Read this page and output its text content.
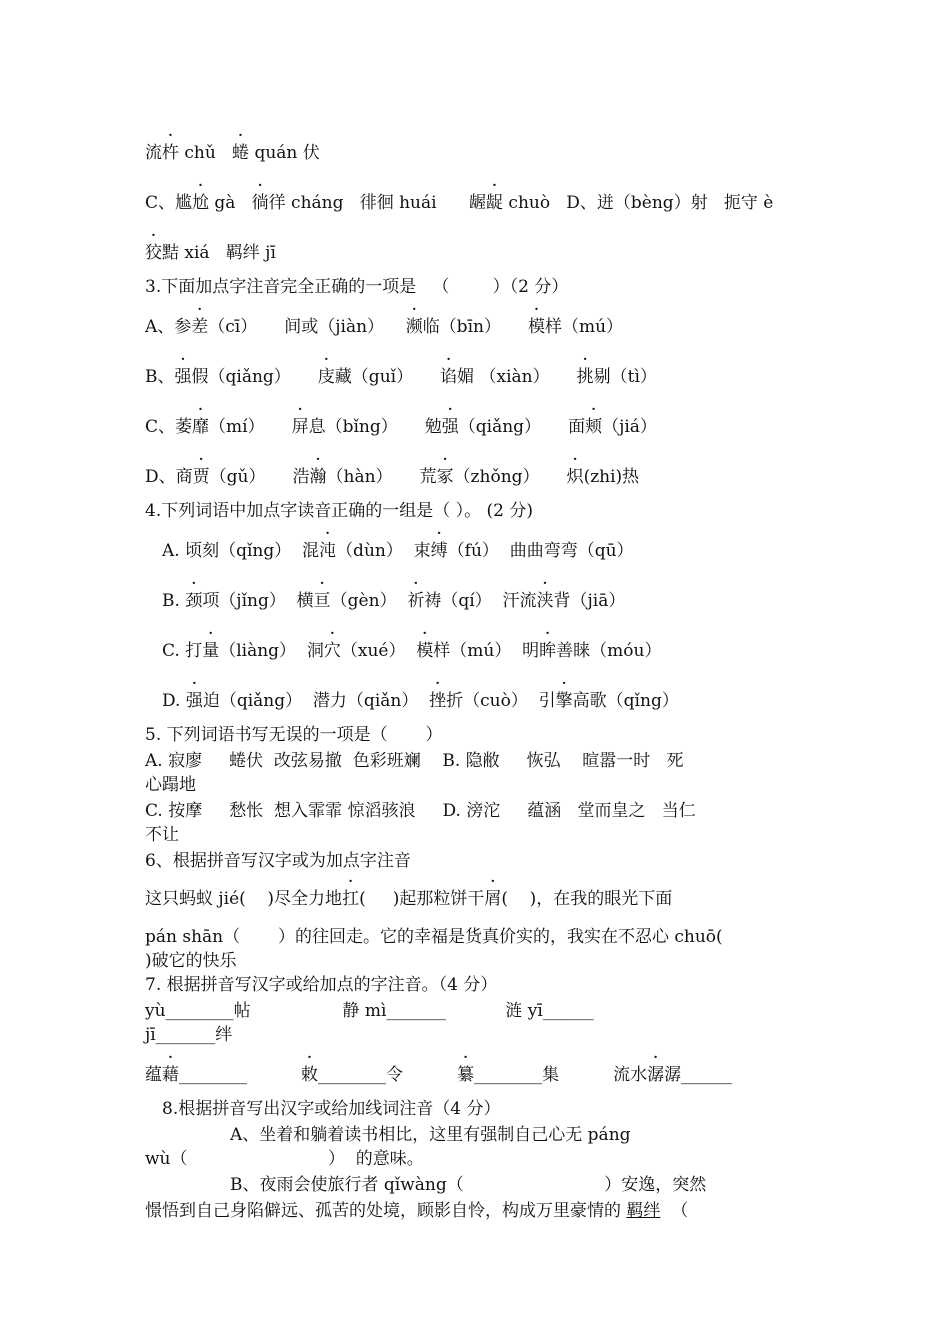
流杵 chǔ   蜷 quán 伏
C、尴尬 gà   徜徉 cháng   徘徊 huái      龌龊 chuò   D、迸（bèng）射   扼守 è
狡黠 xiá   羁绊 jī
3.下面加点字注音完全正确的一项是   （        ）（2 分）
A、参差（cī）     间或（jiàn）    濒临（bīn）     模样（mú）
B、强假（qiǎng）     庋藏（guǐ）     谄媚 （xiàn）     挑剔（tì）
C、萎靡（mí）     屏息（bǐng）     勉强（qiǎng）     面颊（jiá）
D、商贾（gǔ）     浩瀚（hàn）     荒冢（zhǒng）     炽(zhi)热
4.下列词语中加点字读音正确的一组是（ ）。 (2 分)
A. 顷刻（qǐng）  混沌（dùn）  束缚（fú）  曲曲弯弯（qū）
B. 颈项（jǐng）  横亘（gèn）  祈祷（qí）  汗流浃背（jiā）
C. 打量（liàng）  洞穴（xué）  模样（mú）  明眸善睐（móu）
D. 强迫（qiǎng）  潜力（qiǎn）  挫折（cuò）  引擎高歌（qǐng）
5. 下列词语书写无误的一项是（       ）
A. 寂廖     蜷伏  改弦易撤  色彩班斓    B. 隐敝     恢弘    暄嚣一时   死
心蹋地
C. 按摩     愁怅  想入霏霏 惊滔骇浪     D. 滂沱     蕴涵   堂而皇之   当仁
不让
6、根据拼音写汉字或为加点字注音
这只蚂蚁 jié(    )尽全力地扛(     )起那粒饼干屑(    )，在我的眼光下面
pán shān（       ）的往回走。它的幸福是货真价实的，我实在不忍心 chuō(
)破它的快乐
7. 根据拼音写汉字或给加点的字注音。（4 分）
yù________帖                 静 mì_______           涟 yī______
jī_______绊
蕴藉________          敕________令          纂________集          流水潺潺______
8.根据拼音写出汉字或给加线词注音（4 分）
A、坐着和躺着读书相比，这里有强制自己心无 páng
wù（                          ）  的意味。
B、夜雨会使旅行者 qǐwàng（                          ）安逸，突然
憬悟到自己身陷僻远、孤苦的处境，顾影自怜，构成万里豪情的 羁绊  （
